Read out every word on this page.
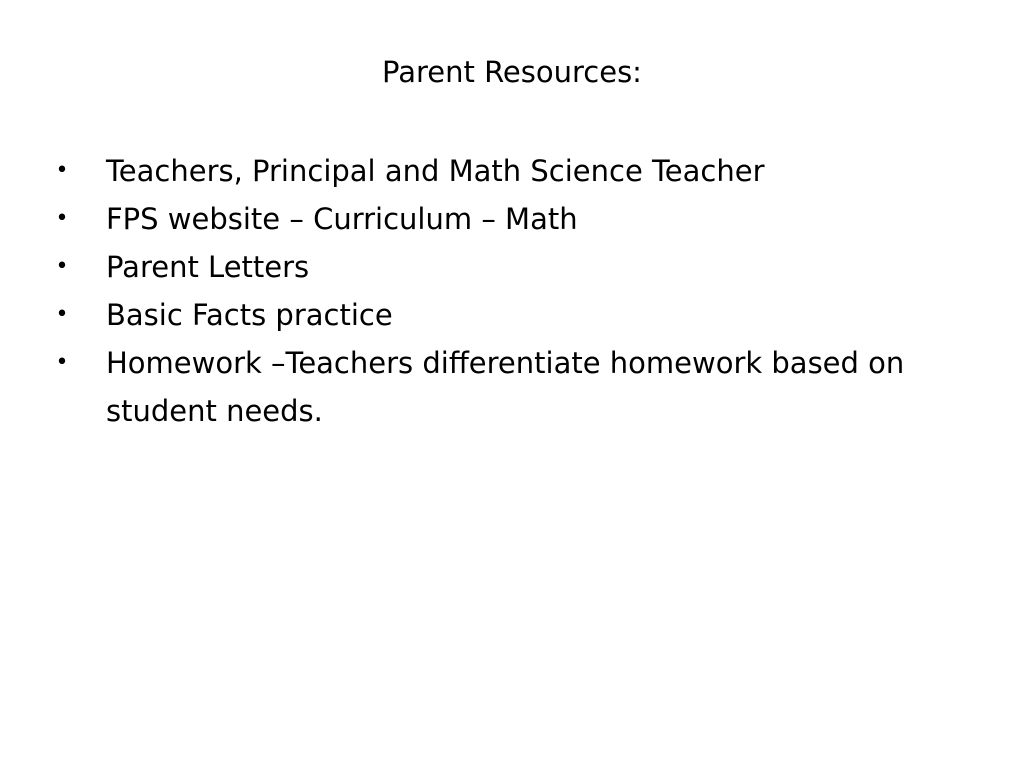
Parent Resources:
• Teachers, Principal and Math Science Teacher
• FPS website – Curriculum – Math
• Parent Letters
• Basic Facts practice
• Homework –Teachers differentiate homework based on student needs.
